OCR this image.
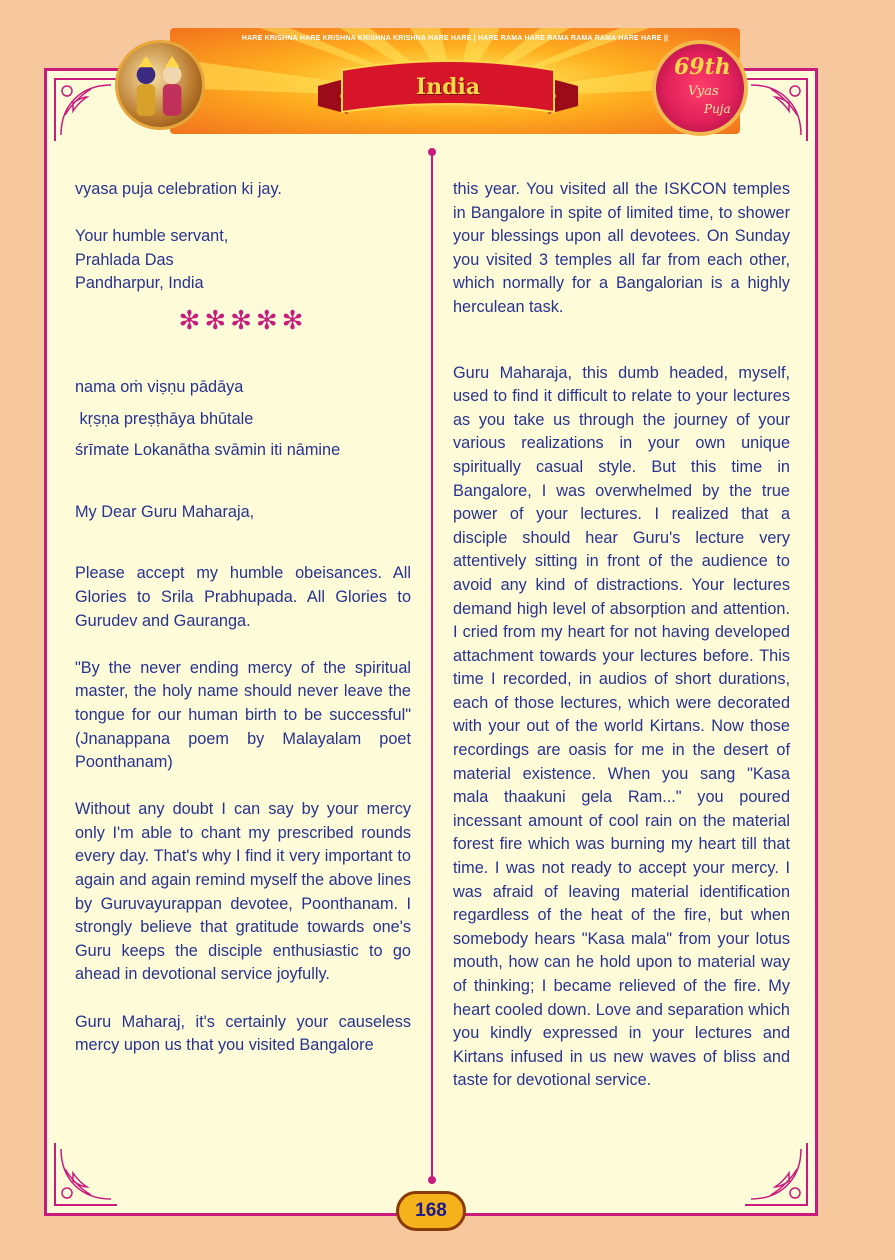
HARE KRISHNA HARE KRISHNA KRISHNA KRISHNA HARE HARE | HARE RAMA HARE RAMA RAMA RAMA HARE HARE ||
India
69th
Vyas
Puja

vyasa puja celebration ki jay.

Your humble servant,

Prahlada Das

Pandharpur, India

✻✻✻✻✻

nama oṁ viṣṇu pādāya

kṛṣṇa preṣṭhāya bhūtale

śrīmate Lokanātha svāmin iti nāmine

My Dear Guru Maharaja,

Please accept my humble obeisances. All Glories to Srila Prabhupada. All Glories to Gurudev and Gauranga.

"By the never ending mercy of the spiritual master, the holy name should never leave the tongue for our human birth to be successful" (Jnanappana poem by Malayalam poet Poonthanam)

Without any doubt I can say by your mercy only I'm able to chant my prescribed rounds every day. That's why I find it very important to again and again remind myself the above lines by Guruvayurappan devotee, Poonthanam. I strongly believe that gratitude towards one's Guru keeps the disciple enthusiastic to go ahead in devotional service joyfully.

Guru Maharaj, it's certainly your causeless mercy upon us that you visited Bangalore

this year. You visited all the ISKCON temples in Bangalore in spite of limited time, to shower your blessings upon all devotees. On Sunday you visited 3 temples all far from each other, which normally for a Bangalorian is a highly herculean task.

Guru Maharaja, this dumb headed, myself, used to find it difficult to relate to your lectures as you take us through the journey of your various realizations in your own unique spiritually casual style. But this time in Bangalore, I was overwhelmed by the true power of your lectures. I realized that a disciple should hear Guru's lecture very attentively sitting in front of the audience to avoid any kind of distractions. Your lectures demand high level of absorption and attention. I cried from my heart for not having developed attachment towards your lectures before. This time I recorded, in audios of short durations, each of those lectures, which were decorated with your out of the world Kirtans. Now those recordings are oasis for me in the desert of material existence. When you sang "Kasa mala thaakuni gela Ram..." you poured incessant amount of cool rain on the material forest fire which was burning my heart till that time. I was not ready to accept your mercy. I was afraid of leaving material identification regardless of the heat of the fire, but when somebody hears "Kasa mala" from your lotus mouth, how can he hold upon to material way of thinking; I became relieved of the fire. My heart cooled down. Love and separation which you kindly expressed in your lectures and Kirtans infused in us new waves of bliss and taste for devotional service.

168
